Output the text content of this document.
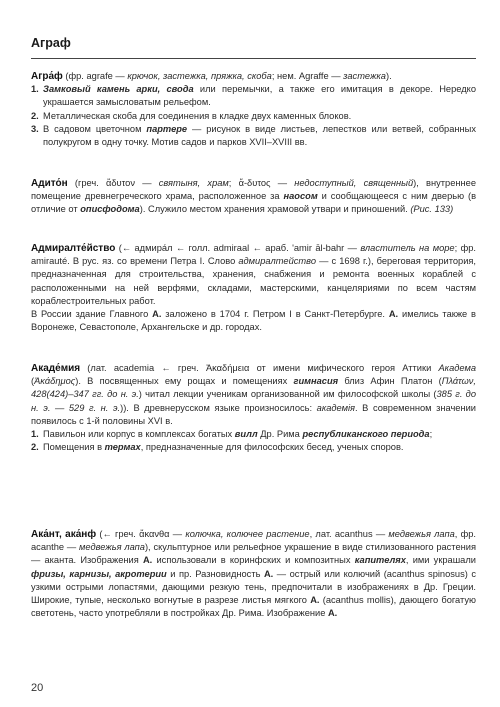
Аграф

Агра́ф (фр. agrafe — крючок, застежка, пряжка, скоба; нем. Agraffe — застежка).

1. Замковый камень арки, свода или перемычки, а также его имитация в декоре. Нередко украшается замысловатым рельефом.
2. Металлическая скоба для соединения в кладке двух каменных блоков.
3. В садовом цветочном партере — рисунок в виде листьев, лепестков или ветвей, собранных полукругом в одну точку. Мотив садов и парков XVII–XVIII вв.

Адито́н (греч. ἄδυτον — святыня, храм; ἄ-δυτος — недоступный, священный), внутреннее помещение древнегреческого храма, расположенное за наосом и сообщающееся с ним дверью (в отличие от описфодома). Служило местом хранения храмовой утвари и приношений. (Рис. 133)

Адмиралте́йство (← адмира́л ← голл. admiraal ← араб. 'amir āl-bahr — властитель на море; фр. amirauté. В рус. яз. со времени Петра I. Слово адмиралтейство — с 1698 г.), береговая территория, предназначенная для строительства, хранения, снабжения и ремонта военных кораблей с расположенными на ней верфями, складами, мастерскими, канцеляриями по всем частям кораблестроительных работ.

В России здание Главного А. заложено в 1704 г. Петром I в Санкт-Петербурге. А. имелись также в Воронеже, Севастополе, Архангельске и др. городах.

Акаде́мия (лат. academia ← греч. Ἀκαδήμεια от имени мифического героя Аттики Академа (Ἀκάδημος). В посвященных ему рощах и помещениях гимнасия близ Афин Платон (Πλάτων, 428(424)–347 гг. до н. э.) читал лекции ученикам организованной им философской школы (385 г. до н. э. — 529 г. н. э.)). В древнерусском языке произносилось: академія. В современном значении появилось с 1-й половины XVI в.

1. Павильон или корпус в комплексах богатых вилл Др. Рима республиканского периода;
2. Помещения в термах, предназначенные для философских бесед, ученых споров.

Ака́нт, ака́нф (← греч. ἄκανθα — колючка, колючее растение, лат. acanthus — медвежья лапа, фр. acanthe — медвежья лапа), скульптурное или рельефное украшение в виде стилизованного растения — аканта. Изображения А. использовали в коринфских и композитных капителях, ими украшали фризы, карнизы, акротерии и пр. Разновидность А. — острый или колючий (acanthus spinosus) с узкими острыми лопастями, дающими резкую тень, предпочитали в изображениях в Др. Греции. Широкие, тупые, несколько вогнутые в разрезе листья мягкого А. (acanthus mollis), дающего богатую светотень, часто употребляли в постройках Др. Рима. Изображение А.

20
